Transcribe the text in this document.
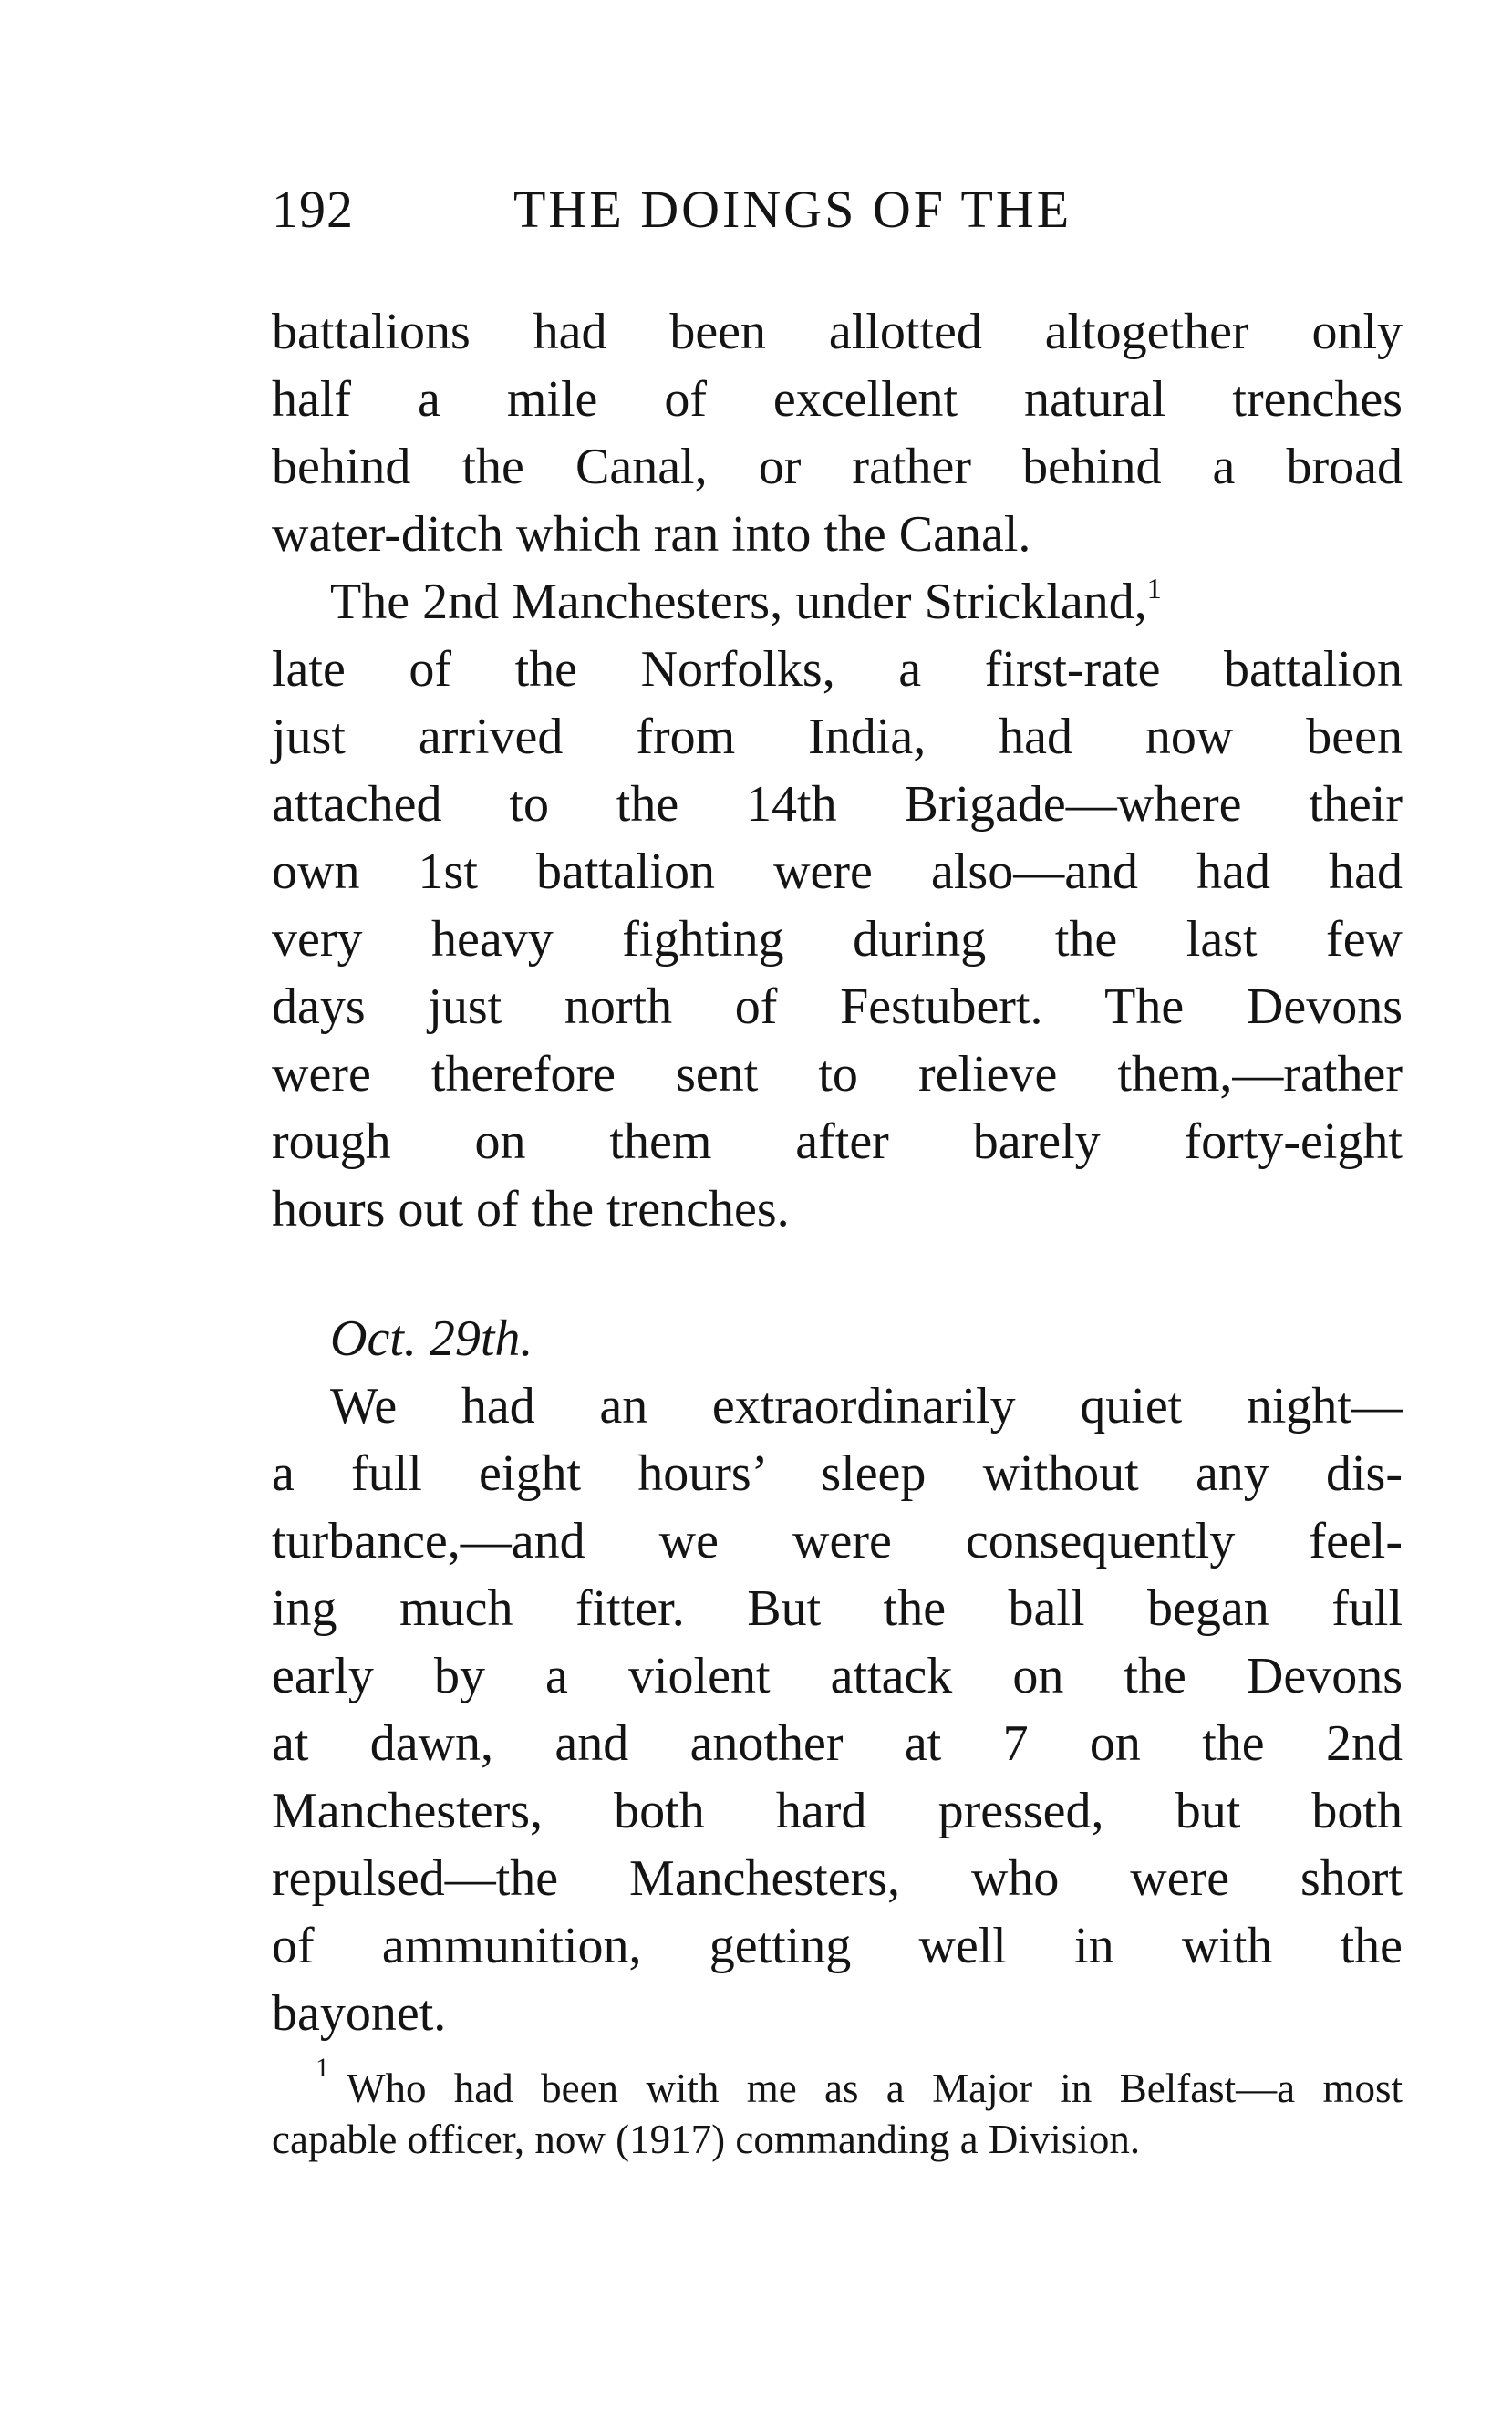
192	THE DOINGS OF THE
battalions had been allotted altogether only
half a mile of excellent natural trenches
behind the Canal, or rather behind a broad
water-ditch which ran into the Canal.
The 2nd Manchesters, under Strickland,$^1$
late of the Norfolks, a first-rate battalion
just arrived from India, had now been
attached to the 14th Brigade—where their
own 1st battalion were also—and had had
very heavy fighting during the last few
days just north of Festubert. The Devons
were therefore sent to relieve them,—rather
rough on them after barely forty-eight
hours out of the trenches.
Oct. 29th.
We had an extraordinarily quiet night—
a full eight hours’ sleep without any dis-
turbance,—and we were consequently feel-
ing much fitter. But the ball began full
early by a violent attack on the Devons
at dawn, and another at 7 on the 2nd
Manchesters, both hard pressed, but both
repulsed—the Manchesters, who were short
of ammunition, getting well in with the
bayonet.
1 Who had been with me as a Major in Belfast—a most
capable officer, now (1917) commanding a Division.
